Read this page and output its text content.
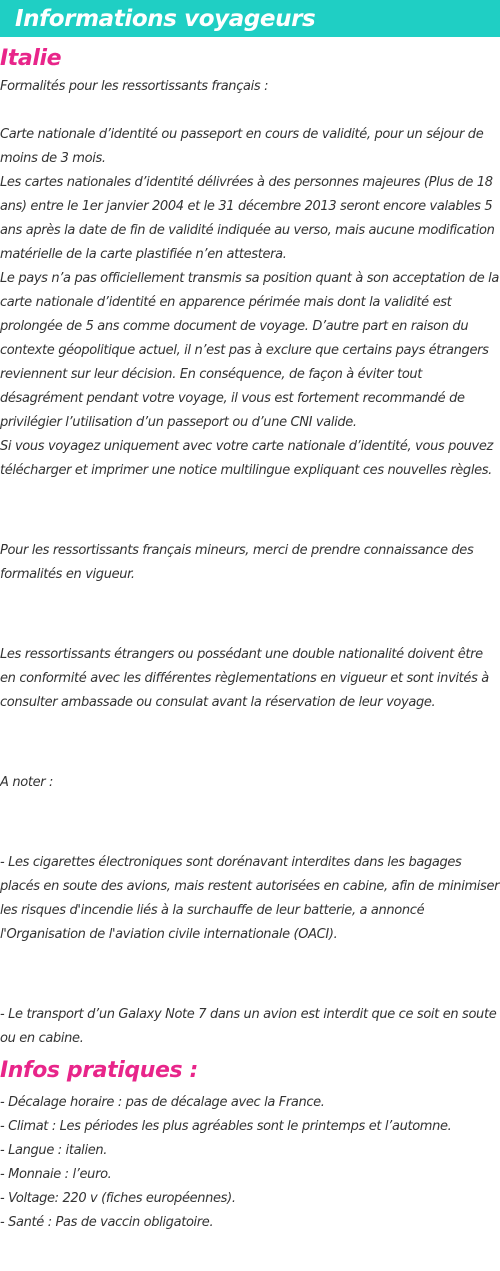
Informations voyageurs
Italie

Formalités pour les ressortissants français :

Carte nationale d’identité ou passeport en cours de validité, pour un séjour de moins de 3 mois.

Les cartes nationales d’identité délivrées à des personnes majeures (Plus de 18 ans) entre le 1er janvier 2004 et le 31 décembre 2013 seront encore valables 5 ans après la date de fin de validité indiquée au verso, mais aucune modification matérielle de la carte plastifiée n’en attestera.

Le pays n’a pas officiellement transmis sa position quant à son acceptation de la carte nationale d’identité en apparence périmée mais dont la validité est prolongée de 5 ans comme document de voyage. D’autre part en raison du contexte géopolitique actuel, il n’est pas à exclure que certains pays étrangers reviennent sur leur décision. En conséquence, de façon à éviter tout désagrément pendant votre voyage, il vous est fortement recommandé de privilégier l’utilisation d’un passeport ou d’une CNI valide.

Si vous voyagez uniquement avec votre carte nationale d’identité, vous pouvez télécharger et imprimer une notice multilingue expliquant ces nouvelles règles.

Pour les ressortissants français mineurs, merci de prendre connaissance des formalités en vigueur.

Les ressortissants étrangers ou possédant une double nationalité doivent être en conformité avec les différentes règlementations en vigueur et sont invités à consulter ambassade ou consulat avant la réservation de leur voyage.

A noter :

- Les cigarettes électroniques sont dorénavant interdites dans les bagages placés en soute des avions, mais restent autorisées en cabine, afin de minimiser les risques d'incendie liés à la surchauffe de leur batterie, a annoncé l'Organisation de l'aviation civile internationale (OACI).

- Le transport d’un Galaxy Note 7 dans un avion est interdit que ce soit en soute ou en cabine.

Infos pratiques :

- Décalage horaire : pas de décalage avec la France.

- Climat : Les périodes les plus agréables sont le printemps et l’automne.

- Langue : italien.

- Monnaie : l’euro.

- Voltage: 220 v (fiches européennes).

- Santé : Pas de vaccin obligatoire.
